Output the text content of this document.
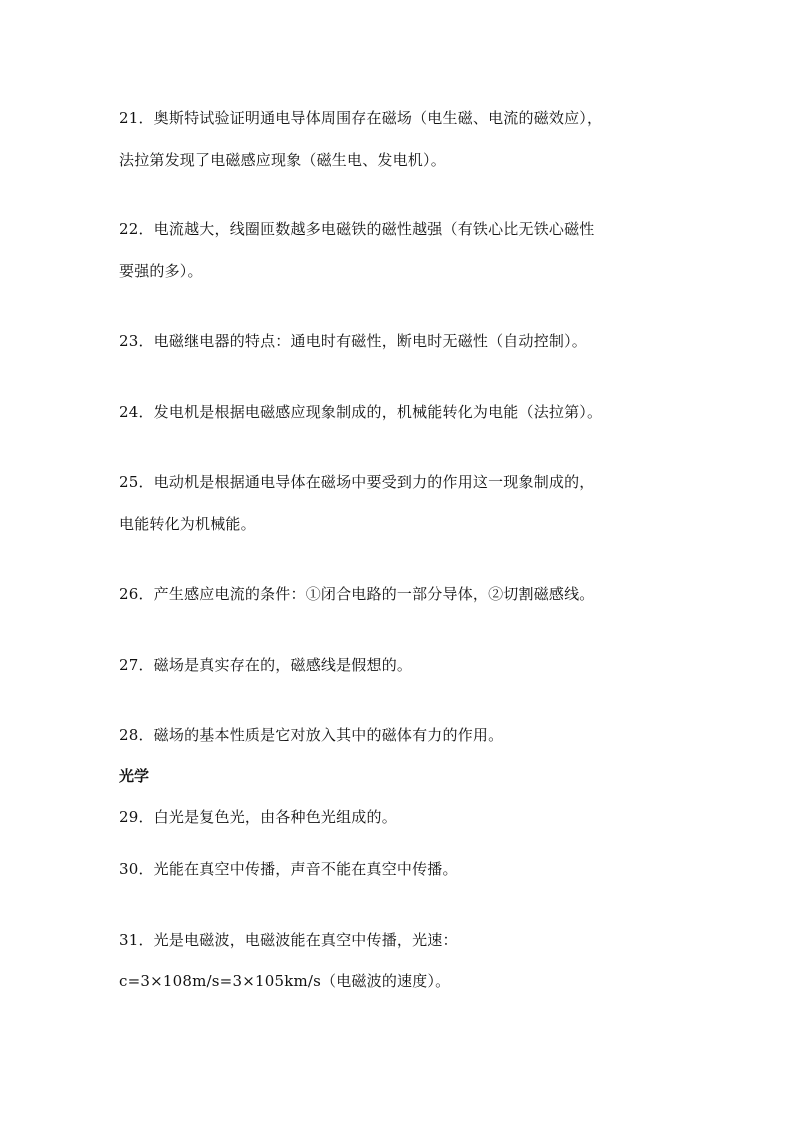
21．奥斯特试验证明通电导体周围存在磁场（电生磁、电流的磁效应），
法拉第发现了电磁感应现象（磁生电、发电机）。
22．电流越大，线圈匝数越多电磁铁的磁性越强（有铁心比无铁心磁性
要强的多）。
23．电磁继电器的特点：通电时有磁性，断电时无磁性（自动控制）。
24．发电机是根据电磁感应现象制成的，机械能转化为电能（法拉第）。
25．电动机是根据通电导体在磁场中要受到力的作用这一现象制成的，
电能转化为机械能。
26．产生感应电流的条件：①闭合电路的一部分导体，②切割磁感线。
27．磁场是真实存在的，磁感线是假想的。
28．磁场的基本性质是它对放入其中的磁体有力的作用。
光学
29．白光是复色光，由各种色光组成的。
30．光能在真空中传播，声音不能在真空中传播。
31．光是电磁波，电磁波能在真空中传播，光速：
c=3×108m/s=3×105km/s（电磁波的速度）。
